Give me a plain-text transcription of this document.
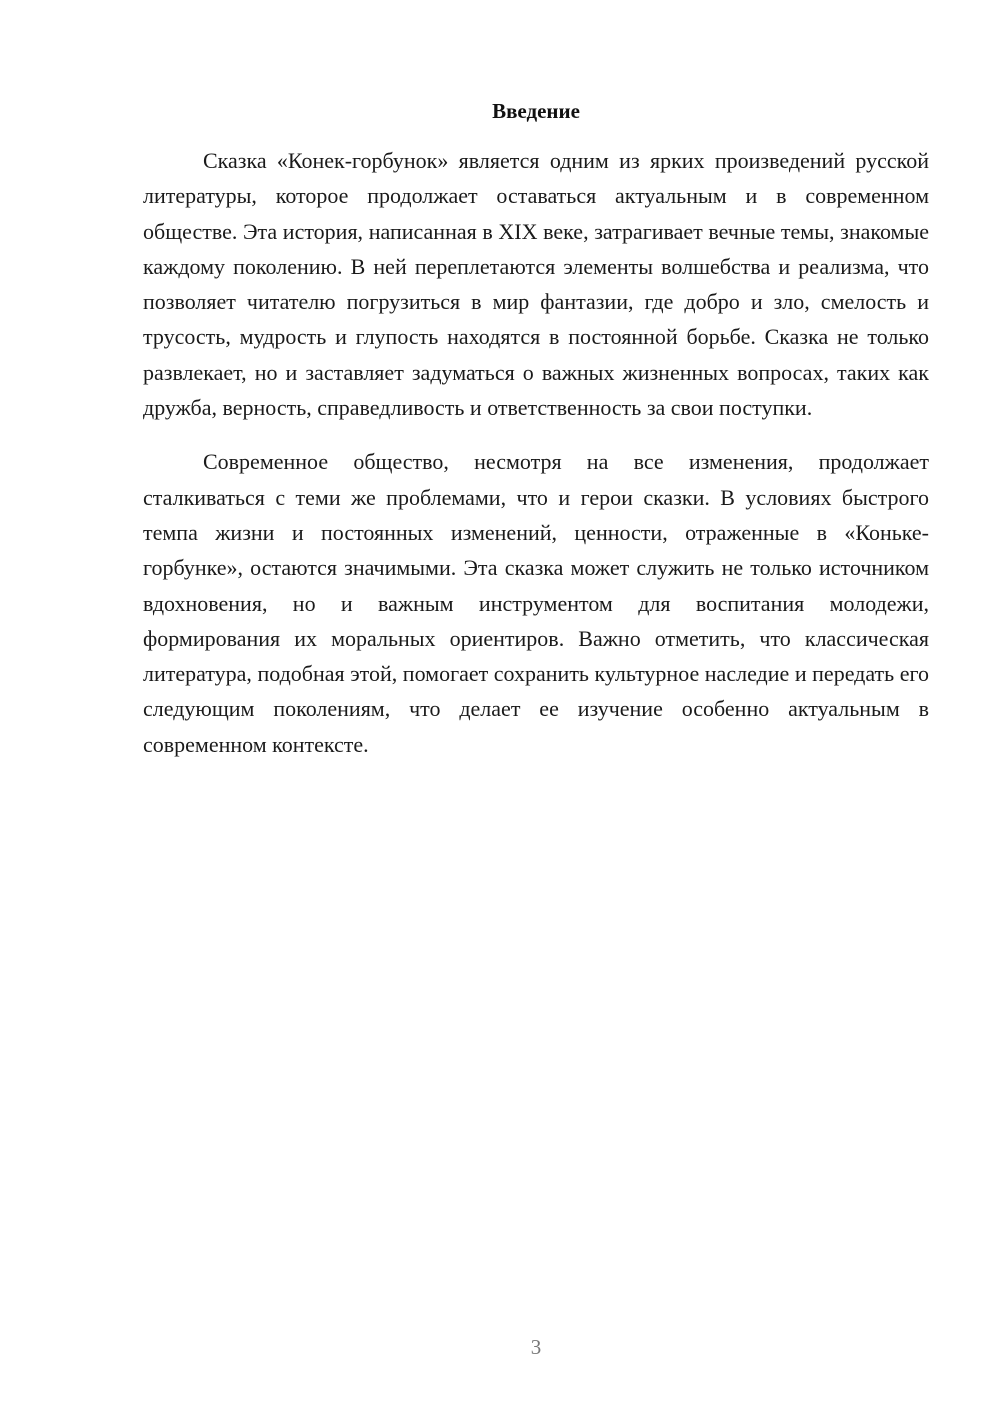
Введение

Сказка «Конек-горбунок» является одним из ярких произведений русской литературы, которое продолжает оставаться актуальным и в современном обществе. Эта история, написанная в XIX веке, затрагивает вечные темы, знакомые каждому поколению. В ней переплетаются элементы волшебства и реализма, что позволяет читателю погрузиться в мир фантазии, где добро и зло, смелость и трусость, мудрость и глупость находятся в постоянной борьбе. Сказка не только развлекает, но и заставляет задуматься о важных жизненных вопросах, таких как дружба, верность, справедливость и ответственность за свои поступки.

Современное общество, несмотря на все изменения, продолжает сталкиваться с теми же проблемами, что и герои сказки. В условиях быстрого темпа жизни и постоянных изменений, ценности, отраженные в «Коньке-горбунке», остаются значимыми. Эта сказка может служить не только источником вдохновения, но и важным инструментом для воспитания молодежи, формирования их моральных ориентиров. Важно отметить, что классическая литература, подобная этой, помогает сохранить культурное наследие и передать его следующим поколениям, что делает ее изучение особенно актуальным в современном контексте.

3
